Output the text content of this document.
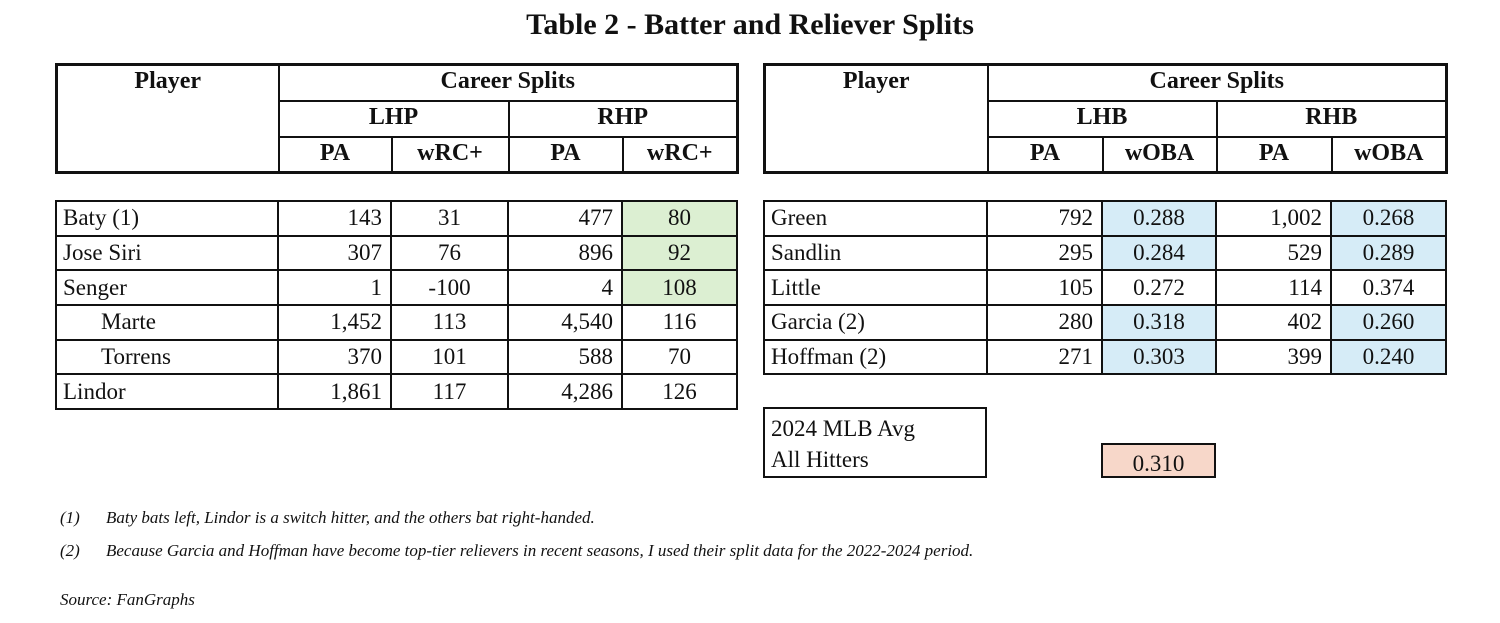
Table 2 - Batter and Reliever Splits
Player	Career Splits			
	LHP		RHP	
	PA	wRC+	PA	wRC+
Baty (1)	143	31	477	80
Jose Siri	307	76	896	92
Senger	1	-100	4	108
Marte	1,452	113	4,540	116
Torrens	370	101	588	70
Lindor	1,861	117	4,286	126
Player	Career Splits			
	LHB		RHB	
	PA	wOBA	PA	wOBA
Green	792	0.288	1,002	0.268
Sandlin	295	0.284	529	0.289
Little	105	0.272	114	0.374
Garcia (2)	280	0.318	402	0.260
Hoffman (2)	271	0.303	399	0.240
2024 MLB Avg
All Hitters	0.310
(1) Baty bats left, Lindor is a switch hitter, and the others bat right-handed.
(2) Because Garcia and Hoffman have become top-tier relievers in recent seasons, I used their split data for the 2022-2024 period.
Source: FanGraphs
